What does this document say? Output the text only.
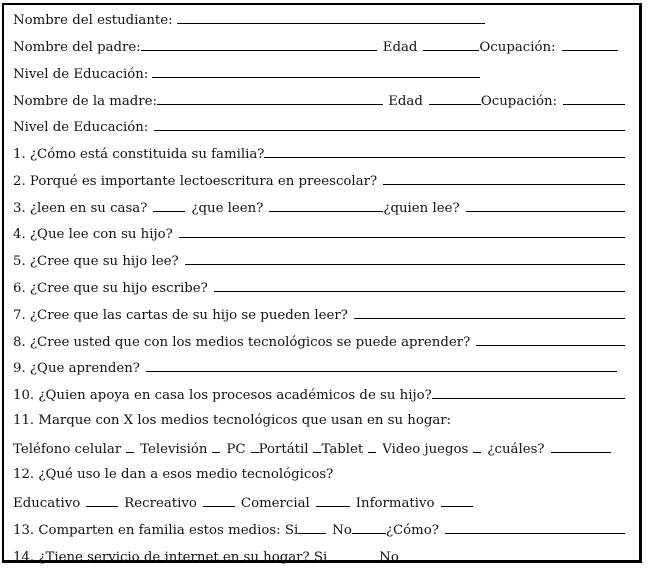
Nombre del estudiante:
Nombre del padre:	Edad	Ocupación:
Nivel de Educación:
Nombre de la madre:	Edad	Ocupación:
Nivel de Educación:
1. ¿Cómo está constituida su familia?
2. Porqué es importante lectoescritura en preescolar?
3. ¿leen en su casa?	¿que leen?	¿quien lee?
4. ¿Que lee con su hijo?
5. ¿Cree que su hijo lee?
6. ¿Cree que su hijo escribe?
7. ¿Cree que las cartas de su hijo se pueden leer?
8. ¿Cree usted que con los medios tecnológicos se puede aprender?
9. ¿Que aprenden?
10. ¿Quien apoya en casa los procesos académicos de su hijo?
11. Marque con X los medios tecnológicos que usan en su hogar:
Teléfono celular Televisión PC Portátil Tablet Video juegos ¿cuáles?
12. ¿Qué uso le dan a esos medio tecnológicos?
Educativo	Recreativo	Comercial	Informativo
13. Comparten en familia estos medios: Si	No	¿Cómo?
14. ¿Tiene servicio de internet en su hogar? Si	No
